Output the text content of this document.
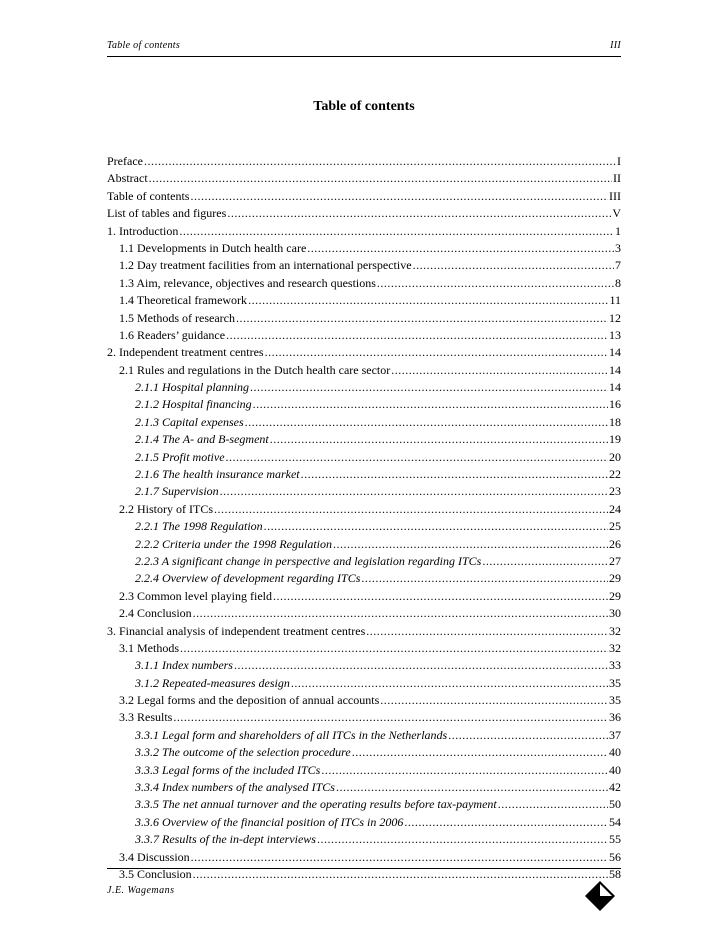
Table of contents	III
Table of contents
Preface .....	I
Abstract .....	II
Table of contents .....	III
List of tables and figures .....	V
1. Introduction .....	1
1.1 Developments in Dutch health care .....	3
1.2 Day treatment facilities from an international perspective .....	7
1.3 Aim, relevance, objectives and research questions .....	8
1.4 Theoretical framework .....	11
1.5 Methods of research .....	12
1.6 Readers’ guidance .....	13
2. Independent treatment centres .....	14
2.1 Rules and regulations in the Dutch health care sector .....	14
2.1.1 Hospital planning .....	14
2.1.2 Hospital financing .....	16
2.1.3 Capital expenses .....	18
2.1.4 The A- and B-segment .....	19
2.1.5 Profit motive .....	20
2.1.6 The health insurance market .....	22
2.1.7 Supervision .....	23
2.2 History of ITCs .....	24
2.2.1 The 1998 Regulation .....	25
2.2.2 Criteria under the 1998 Regulation .....	26
2.2.3 A significant change in perspective and legislation regarding ITCs .....	27
2.2.4 Overview of development regarding ITCs .....	29
2.3 Common level playing field .....	29
2.4 Conclusion .....	30
3. Financial analysis of independent treatment centres .....	32
3.1 Methods .....	32
3.1.1 Index numbers .....	33
3.1.2 Repeated-measures design .....	35
3.2 Legal forms and the deposition of annual accounts .....	35
3.3 Results .....	36
3.3.1 Legal form and shareholders of all ITCs in the Netherlands .....	37
3.3.2 The outcome of the selection procedure .....	40
3.3.3 Legal forms of the included ITCs .....	40
3.3.4 Index numbers of the analysed ITCs .....	42
3.3.5 The net annual turnover and the operating results before tax-payment .....	50
3.3.6 Overview of the financial position of ITCs in 2006 .....	54
3.3.7 Results of the in-dept interviews .....	55
3.4 Discussion .....	56
3.5 Conclusion .....	58
J.E. Wagemans
